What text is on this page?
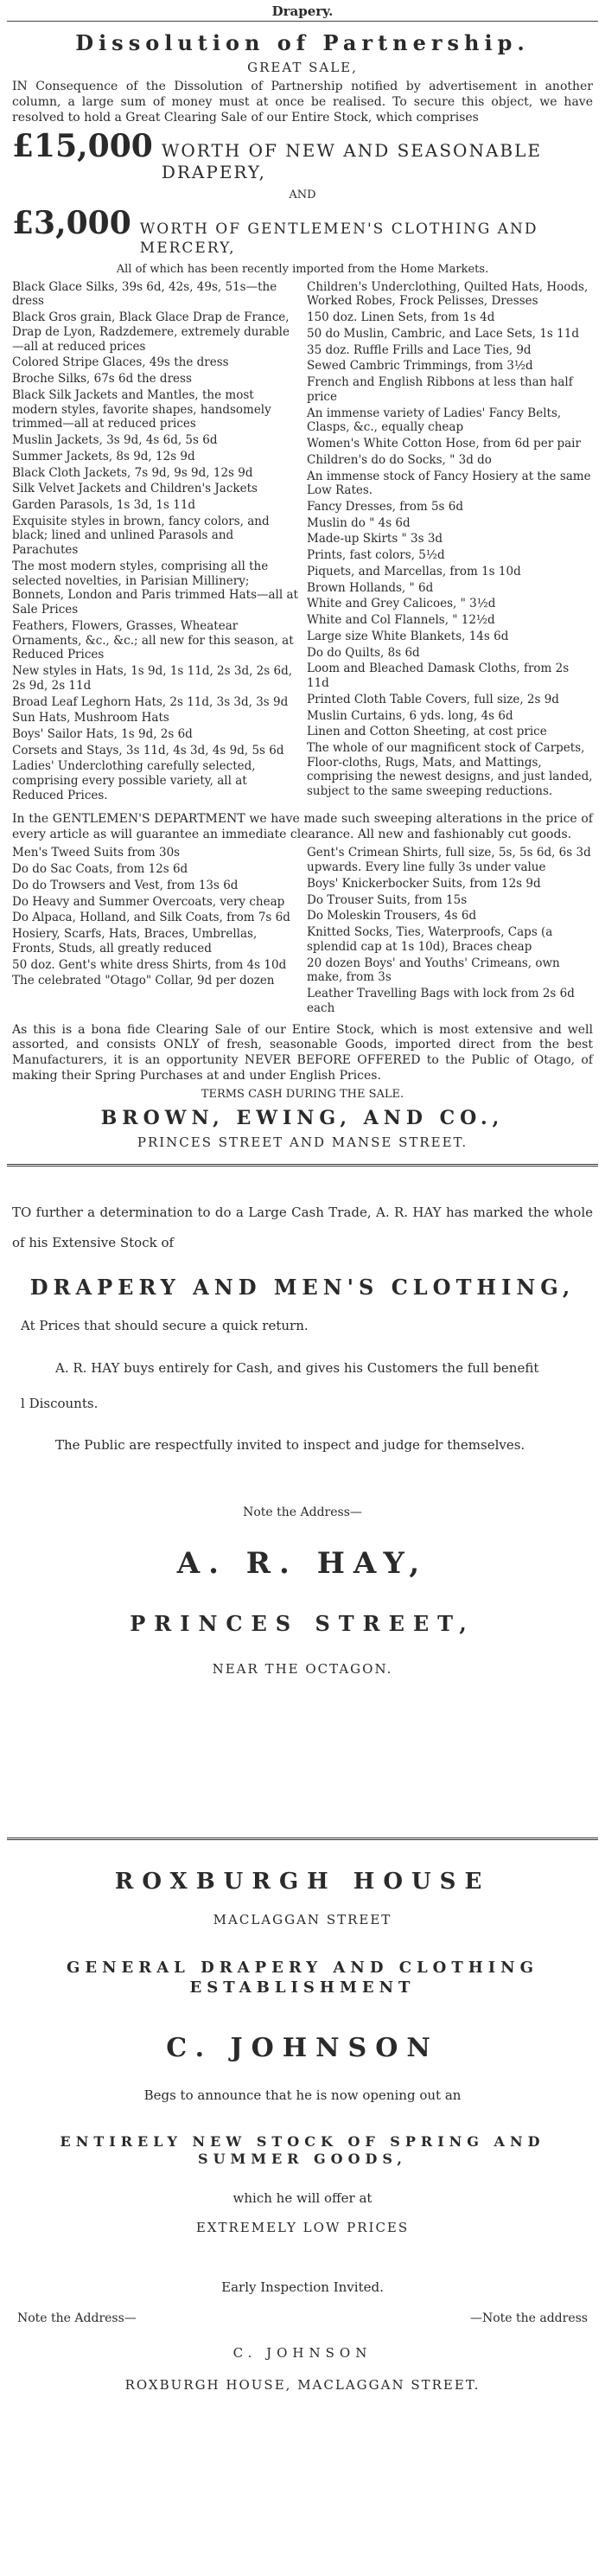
Drapery.
Dissolution of Partnership.
GREAT SALE,
IN Consequence of the Dissolution of Partnership notified by advertisement in another column, a large sum of money must at once be realised. To secure this object, we have resolved to hold a Great Clearing Sale of our Entire Stock, which comprises
£15,000 WORTH OF NEW AND SEASONABLE DRAPERY,
AND
£3,000 WORTH OF GENTLEMEN'S CLOTHING AND MERCERY,
All of which has been recently imported from the Home Markets.
Black Glace Silks, 39s 6d, 42s, 49s, 51s—the dress
Black Gros grain, Black Glace Drap de France, Drap de Lyon, Radzdemere, extremely durable—all at reduced prices
Colored Stripe Glaces, 49s the dress
Broche Silks, 67s 6d the dress
Black Silk Jackets and Mantles, the most modern styles, favorite shapes, handsomely trimmed—all at reduced prices
Muslin Jackets, 3s 9d, 4s 6d, 5s 6d
Summer Jackets, 8s 9d, 12s 9d
Black Cloth Jackets, 7s 9d, 9s 9d, 12s 9d
Silk Velvet Jackets and Children's Jackets
Garden Parasols, 1s 3d, 1s 11d
Exquisite styles in brown, fancy colors, and black; lined and unlined Parasols and Parachutes
The most modern styles, comprising all the selected novelties, in Parisian Millinery; Bonnets, London and Paris trimmed Hats—all at Sale Prices
Feathers, Flowers, Grasses, Wheatear Ornaments, &c., &c.; all new for this season, at Reduced Prices
New styles in Hats, 1s 9d, 1s 11d, 2s 3d, 2s 6d, 2s 9d, 2s 11d
Broad Leaf Leghorn Hats, 2s 11d, 3s 3d, 3s 9d
Sun Hats, Mushroom Hats
Boys' Sailor Hats, 1s 9d, 2s 6d
Corsets and Stays, 3s 11d, 4s 3d, 4s 9d, 5s 6d
Ladies' Underclothing carefully selected, comprising every possible variety, all at Reduced Prices.
Children's Underclothing, Quilted Hats, Hoods, Worked Robes, Frock Pelisses, Dresses
150 doz. Linen Sets, from 1s 4d
50 do Muslin, Cambric, and Lace Sets, 1s 11d
35 doz. Ruffle Frills and Lace Ties, 9d
Sewed Cambric Trimmings, from 3½d
French and English Ribbons at less than half price
An immense variety of Ladies' Fancy Belts, Clasps, &c., equally cheap
Women's White Cotton Hose, from 6d per pair
Children's do do Socks, " 3d do
An immense stock of Fancy Hosiery at the same Low Rates.
Fancy Dresses, from 5s 6d
Muslin do " 4s 6d
Made-up Skirts " 3s 3d
Prints, fast colors, 5½d
Piquets, and Marcellas, from 1s 10d
Brown Hollands, " 6d
White and Grey Calicoes, " 3½d
White and Col Flannels, " 12½d
Large size White Blankets, 14s 6d
Do do Quilts, 8s 6d
Loom and Bleached Damask Cloths, from 2s 11d
Printed Cloth Table Covers, full size, 2s 9d
Muslin Curtains, 6 yds. long, 4s 6d
Linen and Cotton Sheeting, at cost price
The whole of our magnificent stock of Carpets, Floor-cloths, Rugs, Mats, and Mattings, comprising the newest designs, and just landed, subject to the same sweeping reductions.
In the GENTLEMEN'S DEPARTMENT we have made such sweeping alterations in the price of every article as will guarantee an immediate clearance. All new and fashionably cut goods.
Men's Tweed Suits from 30s
Do do Sac Coats, from 12s 6d
Do do Trowsers and Vest, from 13s 6d
Do Heavy and Summer Overcoats, very cheap
Do Alpaca, Holland, and Silk Coats, from 7s 6d
Hosiery, Scarfs, Hats, Braces, Umbrellas, Fronts, Studs, all greatly reduced
50 doz. Gent's white dress Shirts, from 4s 10d
The celebrated "Otago" Collar, 9d per dozen
Gent's Crimean Shirts, full size, 5s, 5s 6d, 6s 3d upwards. Every line fully 3s under value
Boys' Knickerbocker Suits, from 12s 9d
Do Trouser Suits, from 15s
Do Moleskin Trousers, 4s 6d
Knitted Socks, Ties, Waterproofs, Caps (a splendid cap at 1s 10d), Braces cheap
20 dozen Boys' and Youths' Crimeans, own make, from 3s
Leather Travelling Bags with lock from 2s 6d each
As this is a bona fide Clearing Sale of our Entire Stock, which is most extensive and well assorted, and consists ONLY of fresh, seasonable Goods, imported direct from the best Manufacturers, it is an opportunity NEVER BEFORE OFFERED to the Public of Otago, of making their Spring Purchases at and under English Prices.
TERMS CASH DURING THE SALE.
BROWN, EWING, AND CO.,
PRINCES STREET AND MANSE STREET.
TO further a determination to do a Large Cash Trade, A. R. HAY has marked the whole of his Extensive Stock of
DRAPERY AND MEN'S CLOTHING,
At Prices that should secure a quick return.
A. R. HAY buys entirely for Cash, and gives his Customers the full benefit
l Discounts.
The Public are respectfully invited to inspect and judge for themselves.
Note the Address—
A. R. HAY,
PRINCES STREET,
NEAR THE OCTAGON.
ROXBURGH HOUSE
MACLAGGAN STREET
GENERAL DRAPERY AND CLOTHING ESTABLISHMENT
C. JOHNSON
Begs to announce that he is now opening out an
ENTIRELY NEW STOCK OF SPRING AND SUMMER GOODS,
which he will offer at
EXTREMELY LOW PRICES
Early Inspection Invited.
Note the Address—	—Note the address
C. JOHNSON
ROXBURGH HOUSE, MACLAGGAN STREET.
